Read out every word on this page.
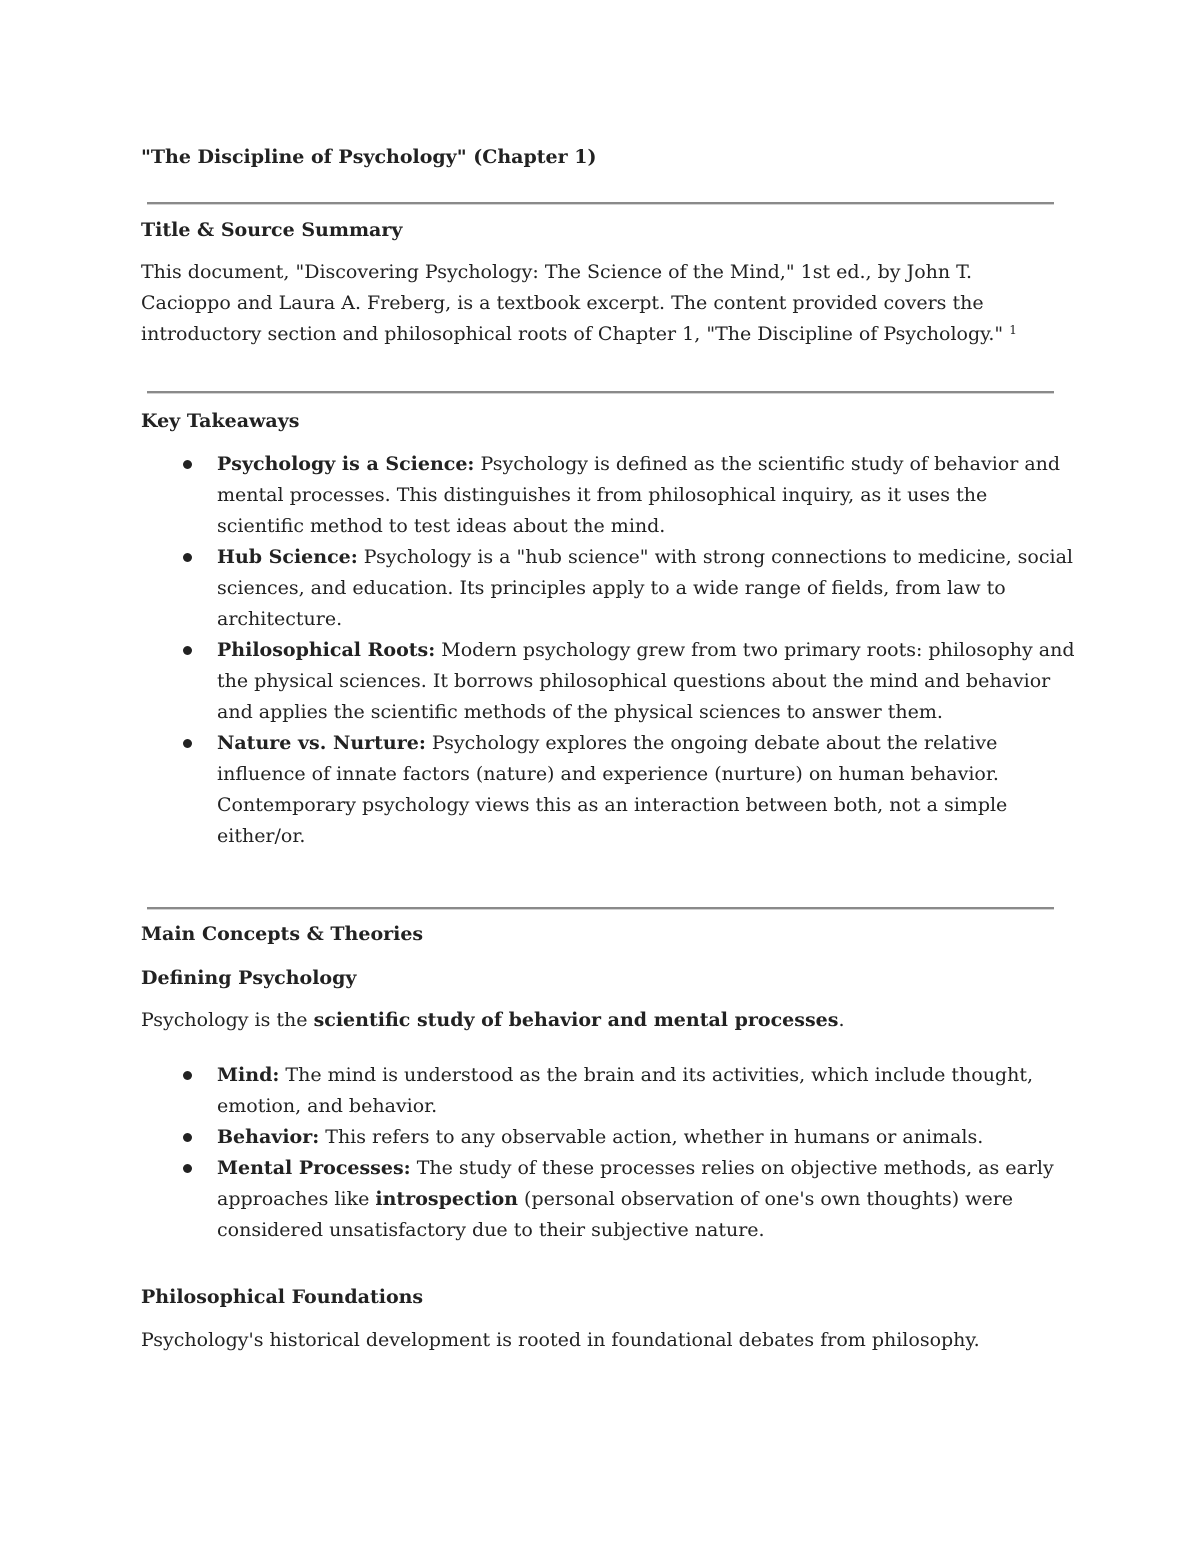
"The Discipline of Psychology" (Chapter 1)
Title & Source Summary

This document, "Discovering Psychology: The Science of the Mind," 1st ed., by John T.
Cacioppo and Laura A. Freberg, is a textbook excerpt. The content provided covers the
introductory section and philosophical roots of Chapter 1, "The Discipline of Psychology." $^1$

Key Takeaways
Psychology is a Science: Psychology is defined as the scientific study of behavior and
mental processes. This distinguishes it from philosophical inquiry, as it uses the
scientific method to test ideas about the mind.
Hub Science: Psychology is a "hub science" with strong connections to medicine, social
sciences, and education. Its principles apply to a wide range of fields, from law to
architecture.
Philosophical Roots: Modern psychology grew from two primary roots: philosophy and
the physical sciences. It borrows philosophical questions about the mind and behavior
and applies the scientific methods of the physical sciences to answer them.
Nature vs. Nurture: Psychology explores the ongoing debate about the relative
influence of innate factors (nature) and experience (nurture) on human behavior.
Contemporary psychology views this as an interaction between both, not a simple
either/or.
Main Concepts & Theories
Defining Psychology

Psychology is the scientific study of behavior and mental processes.

Mind: The mind is understood as the brain and its activities, which include thought,
emotion, and behavior.
Behavior: This refers to any observable action, whether in humans or animals.
Mental Processes: The study of these processes relies on objective methods, as early
approaches like introspection (personal observation of one's own thoughts) were
considered unsatisfactory due to their subjective nature.
Philosophical Foundations

Psychology's historical development is rooted in foundational debates from philosophy.
